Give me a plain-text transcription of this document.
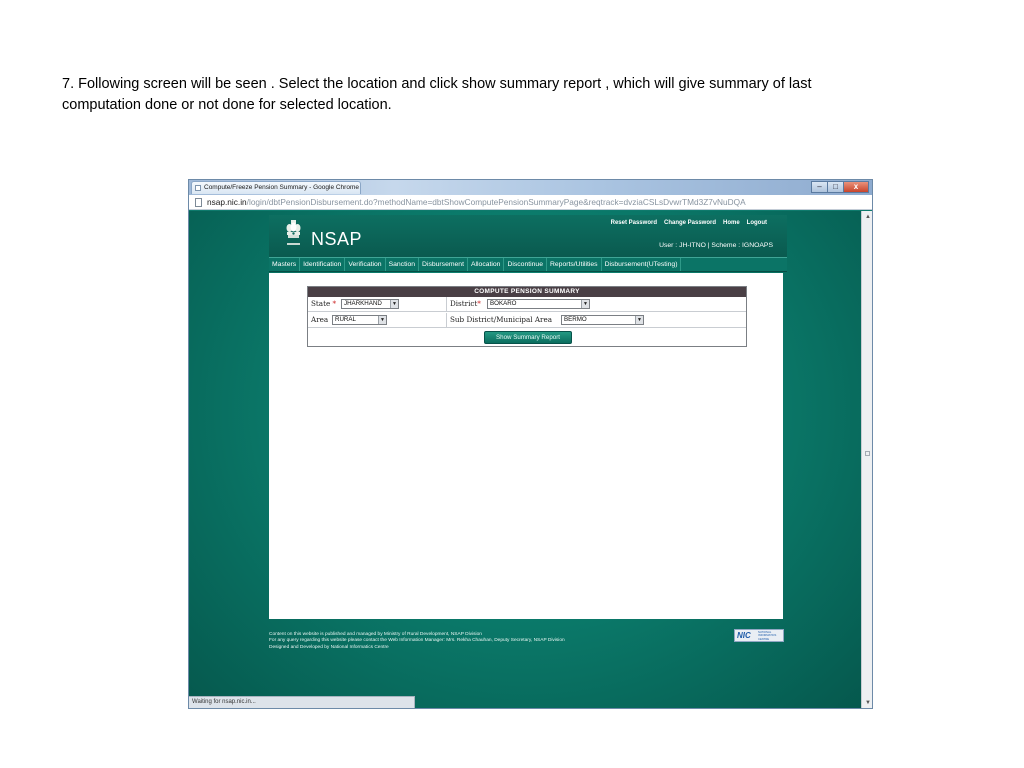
7. Following screen will be seen . Select the location and click show summary report , which will give summary of last

computation done or not done for selected location.

Compute/Freeze Pension Summary - Google Chrome	–	□	x
nsap.nic.in/login/dbtPensionDisbursement.do?methodName=dbtShowComputePensionSummaryPage&reqtrack=dvziaCSLsDvwrTMd3Z7vNuDQA
NSAP
Reset Password Change Password Home Logout
User : JH-ITNO | Scheme : IGNOAPS
Masters	Identification	Verification	Sanction	Disbursement	Allocation	Discontinue	Reports/Utilities	Disbursement(UTesting)
COMPUTE PENSION SUMMARY
State *	JHARKHAND	▼	District*	BOKARO	▼
Area	RURAL	▼	Sub District/Municipal Area	BERMO	▼
Show Summary Report
Content on this website is published and managed by Ministry of Rural Development, NSAP Division
For any query regarding this website please contact the Web Information Manager: Mrs. Rekha Chauhan, Deputy Secretary, NSAP Division
Designed and Developed by National Informatics Centre
NIC	NATIONAL INFORMATICS CENTRE
Waiting for nsap.nic.in...
▲
▼
